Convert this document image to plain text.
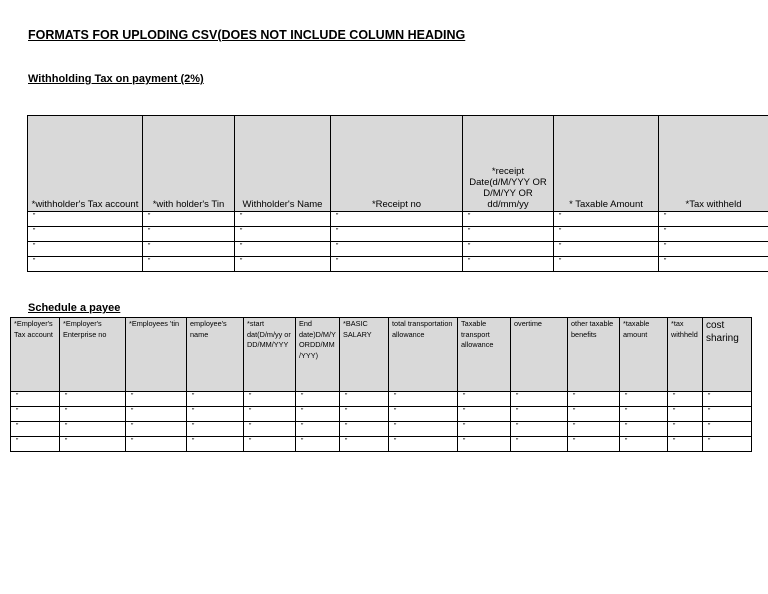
FORMATS FOR UPLODING CSV(DOES NOT INCLUDE COLUMN HEADING
Withholding Tax on payment (2%)
*withholder's Tax account	*with holder's Tin	Withholder's Name	*Receipt no	*receipt Date(d/M/YYY OR D/M/YY OR dd/mm/yy	* Taxable Amount	*Tax withheld
”	”	”	”	”	”	”
”	”	”	”	”	”	”
”	”	”	”	”	”	”
”	”	”	”	”	”	”
Schedule a payee
*Employer's Tax account	*Employer's Enterprise no	*Employees 'tin	employee's name	*start dat(D/m/yy or DD/MM/YYY	End date)D/M/Y ORDD/MM/YYY)	*BASIC SALARY	total transportation allowance	Taxable transport allowance	overtime	other taxable benefits	*taxable amount	*tax withheld	cost sharing
”	”	”	”	”	”	”	”	”	”	”	”	”	”
”	”	”	”	”	”	”	”	”	”	”	”	”	”
”	”	”	”	”	”	”	”	”	”	”	”	”	”
”	”	”	”	”	”	”	”	”	”	”	”	”	”
